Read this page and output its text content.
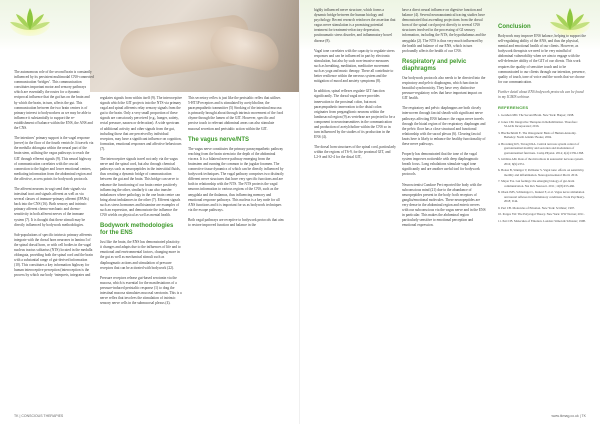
The autonomous role of the second brain is constantly influenced by its persistent multimodal CNS-connected communication ‘bridges’. This communication constitutes important motor and sensory pathways which are essentially the routes for a dynamic reciprocal influence that the gut has on the brain and by which the brain, in turn, affects the gut. This communication between the two brain centres is of primary interest to bodyworkers as we may be able to influence it substantially to support the re-establishment of balance within the ENS, the ANS and the CNS.

The intestines’ primary support is the vagal response (nerve) in the floor of the fourth ventricle. It travels via the medulla oblongata within the neural part of the brain stem, utilising the vagus pathways to reach the GIT through efferent signals (9). This neural highway of communication correlates with the crucial connection to the higher and lower emotional centres, mediating information from the abdominal region and the affective, access points for bodywork protocols.

The afferent neurons in vagi send their signals via intestinal tract and signals afferent as well as via several classes of immune-primary afferent (IPANs) back into the CNS (16). Both sensory and intrinsic primary afferent chemo-mechanic and chemo-sensitivity in both afferent nerves of the immune system (7). It is thought that these stimuli may be directly influenced by bodywork methodologies.

Sub-populations of specific intrinsic primary afferents integrate with the dorsal horn neurones in lamina I of the spinal dorsal horn, or with cell bodies in the vagal nucleus tractus solitarius (NTS) located in the medulla oblongata, providing both the spinal cord and the brain with a substantial range of gut-derived information (10). This constitutes a key information highway for human interoceptive perception (interoception is the process by which our body ‘interprets, integrates and

regulates signals from within itself (9). The interoceptive signals which the GIT projects into the NTS via primary vagal and spinal afferents relay sensory signals from the gut to the brain. Only a very small proportion of these signals are consciously perceived (e.g., hunger, satiety, rectal pressure, nausea or defecation). A wide spectrum of additional activity and other signals from the gut, including those that are perceived by individual receptors, may have a significant influence on cognition, formation, emotional responses and affective behaviours (7).

The interoceptive signals travel not only via the vagus nerve and the spinal cord, but also through chemical pathways such as neuropeptides in the interstitial fluids, thus creating a dynamic bridge of communication between the gut and the brain. This bridge can serve to enhance the functioning of our brain centre positively influencing the other, similarly it can also transfer imbalances where pathology in the one brain centre can bring about imbalances in the other (7). Efferent signals such as stress hormones and histamine are examples of such an expression, and demonstrate the influence the CNS wields on physical as well as mental health.

Bodywork methodologies for the ENS

Just like the brain, the ENS has demonstrated plasticity: it changes and adapts due to the influences of life and to emotional and environmental factors, changing more in the gut as well as mechanical stimuli such as diaphragmatic actions and stimulation of pressure receptors that can be activated with bodywork (22).

Pressure receptors release gut-based serotonin via the mucosa, which is essential for the manifestations of a pressure-induced peristaltic response (1) to drag the intestinal mucosa stimulates mucosal serotonin. This is a nerve reflex that involves the stimulation of intrinsic sensory nerve cells in the submucosal plexus (4).

This secretory reflex is just like the peristaltic reflex that utilises 5-HT3P receptors and is stimulated by acetylcholine, the parasympathetic transmitter (5) Stroking of the intestinal mucosa is primarily brought about through intrinsic movement of the food chyme through the lumen of the GIT. However, specific and precise touch to relevant abdominal areas can also stimulate mucosal secretion and peristaltic action within the GIT.

The vagus nerve/NTS

The vagus nerve constitutes the primary parasympathetic pathway reaching from the brain stem into the depth of the abdominal viscera. It is a bilateral nerve pathway emerging from the brainstem and running the common to the jugular foramen. The connective tissue dynamics of which can be directly influenced by bodywork techniques. The vagal pathway comprises two distinctly different nerve structures that have very specific functions and are both in relationship with the NTS. The NTS protects the vagal neurons information to various regions of the CNS, such as the amygdala and the thalamus, thus influencing memory and emotional response pathways. This nucleus is a key node for all ANS functions and it is important for us as bodywork techniques via the escape pathways.

Both vagal pathways are receptive to bodywork protocols that aim to restore improved function and balance in the

TK | CONSCIOUS THERAPIES

highly influenced nerve structure, which forms a dynamic bridge between the human biology and psychology. Recent research reinforces the assertion that vagus nerve stimulation is a promising potential treatment for treatment-refractory depression, posttraumatic stress disorder, and inflammatory bowel disease (8).

Vagal tone correlates with the capacity to regulate stress responses and can be influenced in part by electronic stimulation, but also by such non-invasive measures such as breathing, meditation, meditative movement such as yoga and music therapy. These all contribute to better resilience within the nervous system and the mitigation of mood and anxiety symptoms (8).

In addition, spinal reflexes regulate GIT function significantly. The dorsal vagal nerve provides innervation to the proximal colon, but most parasympathetic innervation to the distal colon originates from preganglionic neurons within the lumbosacral region (9) as vertebrae are projected to be a component to neurotransmitters in the communication and production of acetylcholine within the CNS so in turn influenced by the studies of its production in the ENS (4).

The dorsal horn structures of the spinal cord, particularly within the regions of T6-9, for the proximal GIT, and L2-S and S2-4 for the distal GIT,

have a direct neural influence on digestive function and balance (4). Several neuroanatomical tracing studies have demonstrated that ascending projections from the dorsal horn of the spinal cord project directly to several CNS structures involved in the processing of GI sensory information, including the NTS, the hypothalamus and the amygdala (2). The NTS is thus very much influenced by the health and balance of our ENS, which in turn profoundly affects the health of our CNS.

Respiratory and pelvic diaphragms

Our bodywork protocols also needs to be directed into the respiratory and pelvic diaphragms, which function in beautiful synchronicity. They have very distinctive pressure-regulatory roles that have important impact on GIT health.

The respiratory and pelvic diaphragms are both closely interwoven through fascial sheath with significant nerve pathways affecting ENS balance: the vagus nerve travels through the hiatal region of the respiratory diaphragm and the pelvic floor has a close structural and functional relationship with the sacral plexus (6). Clearing fascial knots here is likely to enhance the healthy functionality of these nerve pathways.

Properly has demonstrated that the tone of the vagal system improves noticeable with deep diaphragmatic breath focus. Long exhalations stimulate vagal tone significantly and are another useful tool for bodywork protocols.

Neuroscientist Candace Pert reported the body with the subconscious mind (21) due to the abundance of neuropeptides present in the body: both receptors of ganglia/emotional molecules. These neuropeptides are very dense in the abdominal region and enteric nerves with our subconscious via the vagus nerve and in the ENS in particular. This makes the abdominal region particularly sensitive to emotional perception and emotional expression.

Conclusion

Bodywork may improve ENS balance, helping to support the self-regulating ability of the ANS, and thus the physical, mental and emotional health of our clients. However, as bodywork therapists we need to be very mindful of abdominal vulnerability when we aim to engage with the self-defensive ability of the GIT of our clients. This work requires the quality of sensitive touch and to be communicated to our clients through our intention, presence, quality of touch, tone of voice and the words that we choose for our communication.

Further detail about ENS bodywork protocols can be found in my ICMIS webinar.

REFERENCES
1. Gershon MD. The Second Brain. New York: Harper; 1998.
2. Jones CM. Integrative Therapies in Rehabilitation. Thorofare: SLACK Incorporated; 2016.
3. Blechschmidt E. The Ontogenetic Basis of Human Anatomy. Berkeley: North Atlantic Books; 2004.
4. Browning KN, Travagli RA. Central nervous system control of gastrointestinal motility and secretion and modulation of gastrointestinal functions. Comp Physiol. 2014; 4(4):1339-1368.
5. Gibbins AM. Role of the microbiota in autonomic nervous system. 2016; 6(9):2331.
6. Bonaz B, Sinniger V, Pellissier S. Vagal tone: effects on sensitivity, motility and inflammation. Neurogastroenterol Motil. 2016.
7. Mayer EA. Gut feelings: the emerging biology of gut-brain communication. Nat Rev Neurosci. 2011; 12(8):453-466.
8. Olsen JMS, Schlesinger L, Kunzel F, et al. Vagus nerve stimulation and neural reflexes in inflammatory conditions. Front Psychiatry. 2018; 9:44.
9. Pert CB. Molecules of Emotion. New York: Scribner; 1997.
10. Porges SW. The Polyvagal Theory. New York: WW Norton; 2011.
11. Pert CB. Molecules of Emotion. London: Simon & Schuster; 1998.
www.tkmag.co.uk | TK
